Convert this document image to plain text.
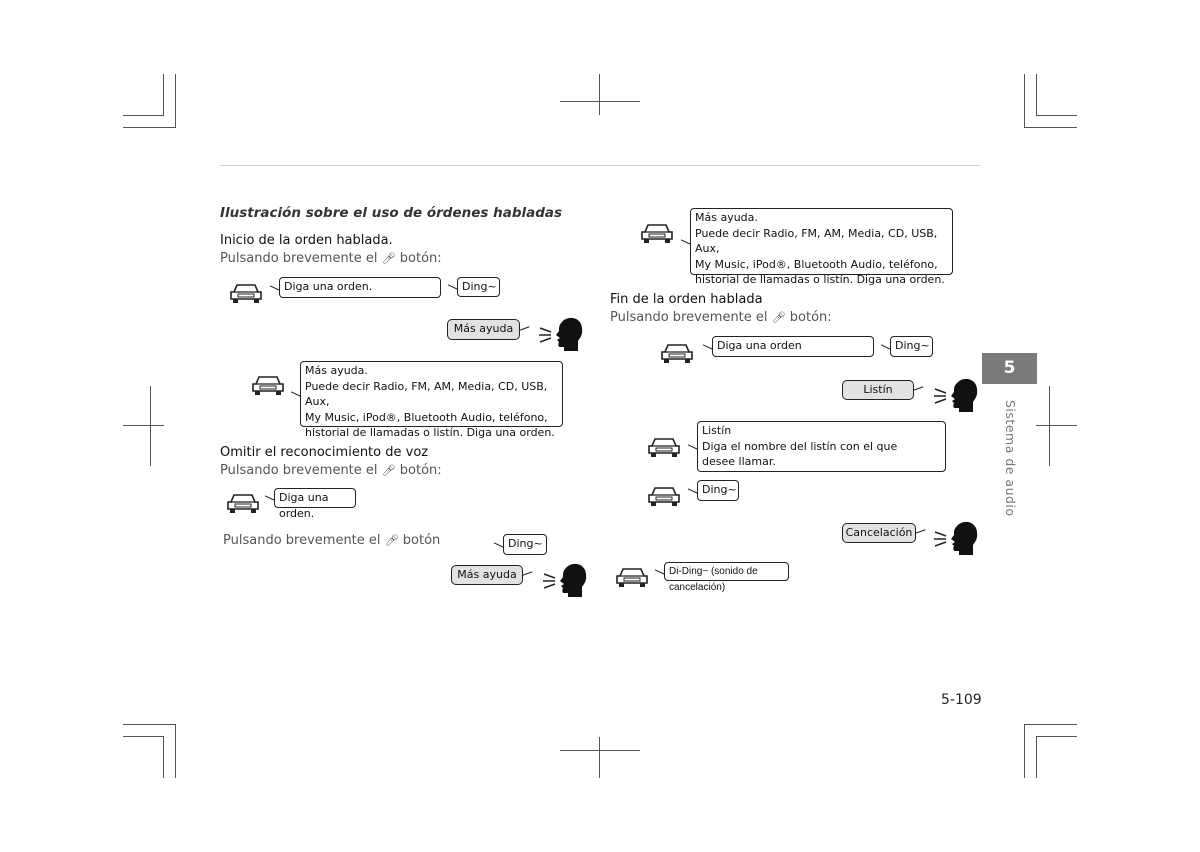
Ilustración sobre el uso de órdenes habladas
Inicio de la orden hablada.
Pulsando brevemente el 🎤︎ botón:
Diga una orden.	Ding~
Más ayuda
Más ayuda.
Puede decir Radio, FM, AM, Media, CD, USB, Aux,
My Music, iPod®, Bluetooth Audio, teléfono,
historial de llamadas o listín. Diga una orden.
Omitir el reconocimiento de voz
Pulsando brevemente el 🎤︎ botón:
Diga una orden.
Pulsando brevemente el 🎤︎ botón	Ding~
Más ayuda
Más ayuda.
Puede decir Radio, FM, AM, Media, CD, USB, Aux,
My Music, iPod®, Bluetooth Audio, teléfono,
historial de llamadas o listín. Diga una orden.
Fin de la orden hablada
Pulsando brevemente el 🎤︎ botón:
Diga una orden	Ding~
Listín
Listín
Diga el nombre del listín con el que
desee llamar.
Ding~
Cancelación
Di-Ding~ (sonido de cancelación)
5
Sistema de audio
5-109
